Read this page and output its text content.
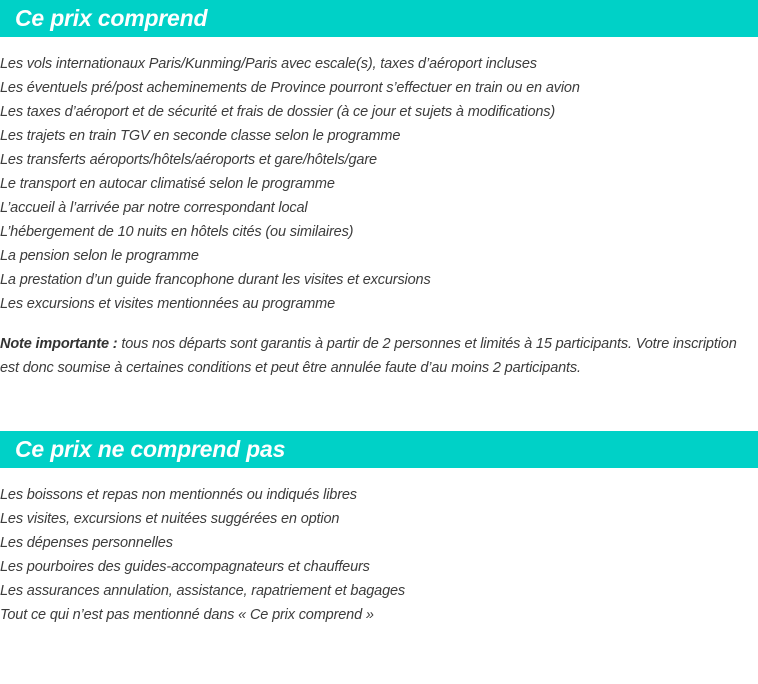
Ce prix comprend
Les vols internationaux Paris/Kunming/Paris avec escale(s), taxes d’aéroport incluses
Les éventuels pré/post acheminements de Province pourront s’effectuer en train ou en avion
Les taxes d’aéroport et de sécurité et frais de dossier (à ce jour et sujets à modifications)
Les trajets en train TGV en seconde classe selon le programme
Les transferts aéroports/hôtels/aéroports et gare/hôtels/gare
Le transport en autocar climatisé selon le programme
L’accueil à l’arrivée par notre correspondant local
L’hébergement de 10 nuits en hôtels cités (ou similaires)
La pension selon le programme
La prestation d’un guide francophone durant les visites et excursions
Les excursions et visites mentionnées au programme

Note importante : tous nos départs sont garantis à partir de 2 personnes et limités à 15 participants. Votre inscription est donc soumise à certaines conditions et peut être annulée faute d’au moins 2 participants.

Ce prix ne comprend pas
Les boissons et repas non mentionnés ou indiqués libres
Les visites, excursions et nuitées suggérées en option
Les dépenses personnelles
Les pourboires des guides-accompagnateurs et chauffeurs
Les assurances annulation, assistance, rapatriement et bagages
Tout ce qui n’est pas mentionné dans « Ce prix comprend »
